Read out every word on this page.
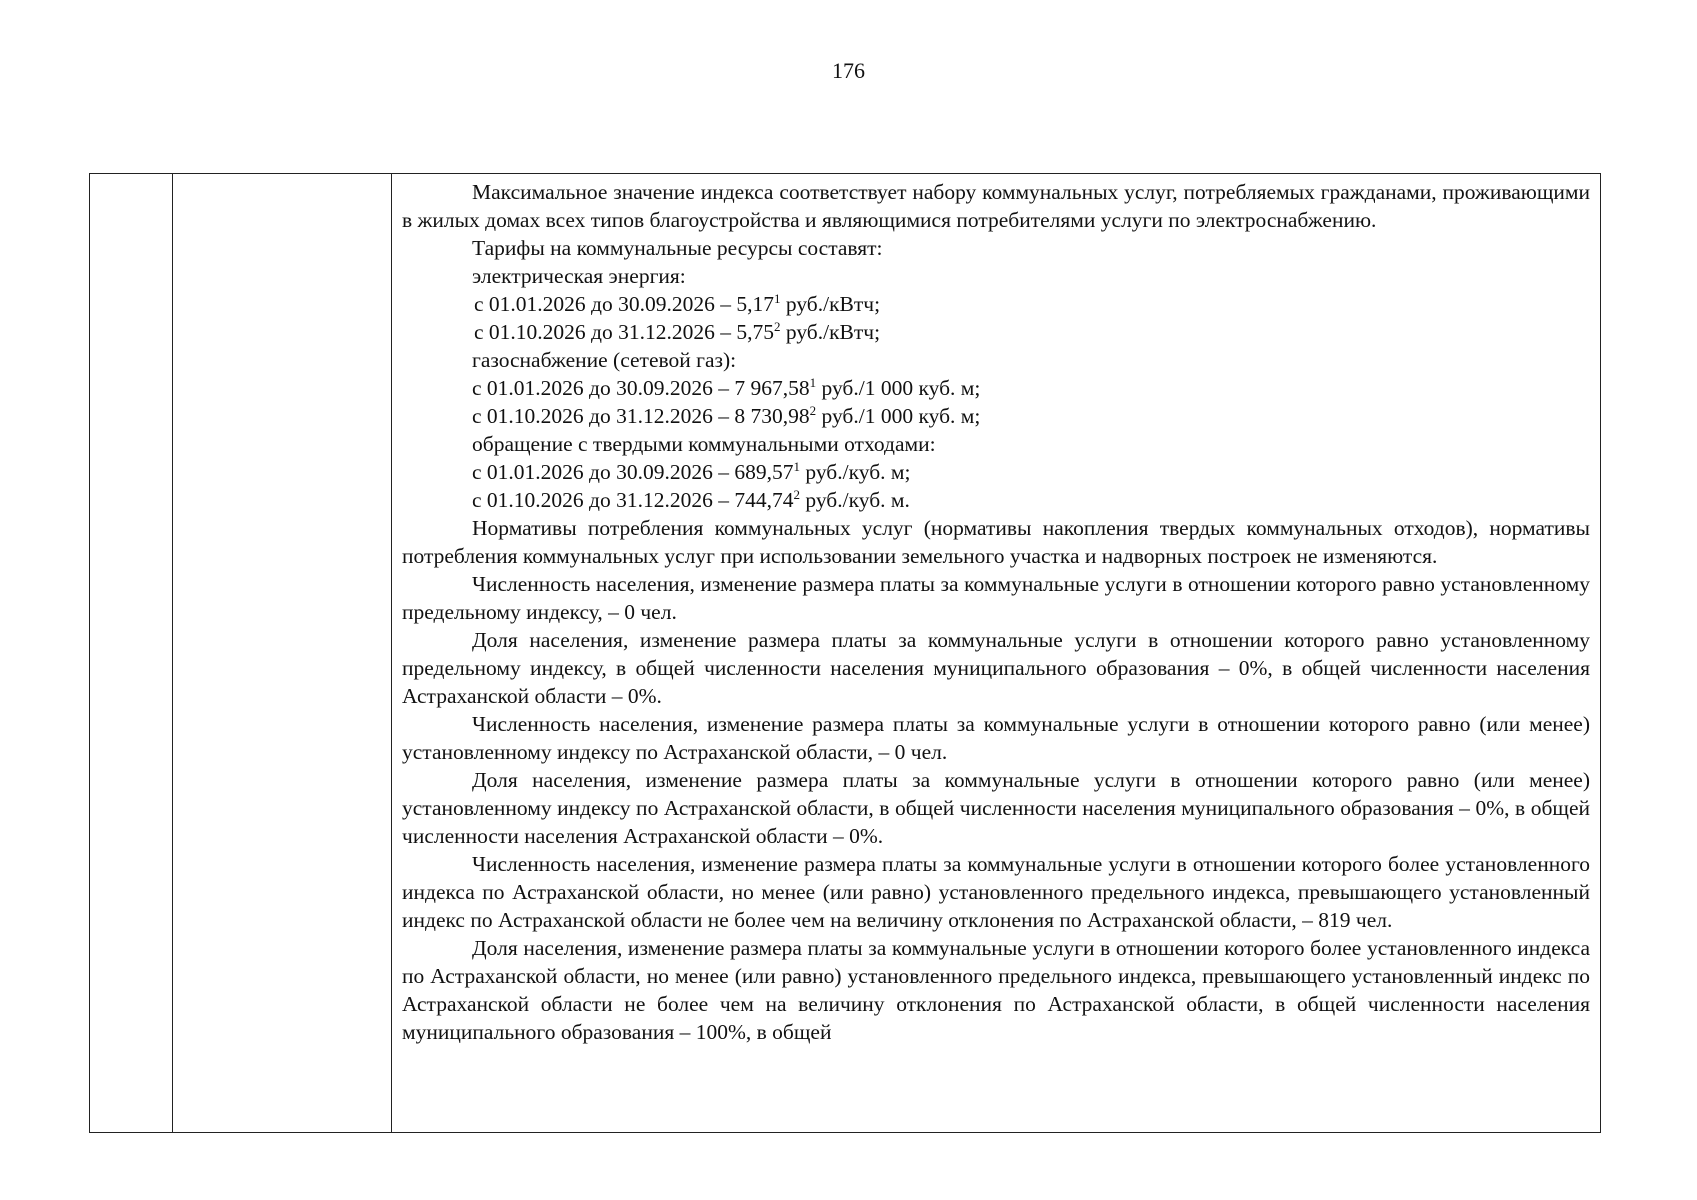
176

Максимальное значение индекса соответствует набору коммунальных услуг, потребляемых гражданами, проживающими в жилых домах всех типов благоустройства и являющимися потребителями услуги по электроснабжению.

Тарифы на коммунальные ресурсы составят:

электрическая энергия:

с 01.01.2026 до 30.09.2026 – 5,17$^1$ руб./кВтч;

с 01.10.2026 до 31.12.2026 – 5,75$^2$ руб./кВтч;

газоснабжение (сетевой газ):

с 01.01.2026 до 30.09.2026 – 7 967,58$^1$ руб./1 000 куб. м;

с 01.10.2026 до 31.12.2026 – 8 730,98$^2$ руб./1 000 куб. м;

обращение с твердыми коммунальными отходами:

с 01.01.2026 до 30.09.2026 – 689,57$^1$ руб./куб. м;

с 01.10.2026 до 31.12.2026 – 744,74$^2$ руб./куб. м.

Нормативы потребления коммунальных услуг (нормативы накопления твердых коммунальных отходов), нормативы потребления коммунальных услуг при использовании земельного участка и надворных построек не изменяются.

Численность населения, изменение размера платы за коммунальные услуги в отношении которого равно установленному предельному индексу, – 0 чел.

Доля населения, изменение размера платы за коммунальные услуги в отношении которого равно установленному предельному индексу, в общей численности населения муниципального образования – 0%, в общей численности населения Астраханской области – 0%.

Численность населения, изменение размера платы за коммунальные услуги в отношении которого равно (или менее) установленному индексу по Астраханской области, – 0 чел.

Доля населения, изменение размера платы за коммунальные услуги в отношении которого равно (или менее) установленному индексу по Астраханской области, в общей численности населения муниципального образования – 0%, в общей численности населения Астраханской области – 0%.

Численность населения, изменение размера платы за коммунальные услуги в отношении которого более установленного индекса по Астраханской области, но менее (или равно) установленного предельного индекса, превышающего установленный индекс по Астраханской области не более чем на величину отклонения по Астраханской области, – 819 чел.

Доля населения, изменение размера платы за коммунальные услуги в отношении которого более установленного индекса по Астраханской области, но менее (или равно) установленного предельного индекса, превышающего установленный индекс по Астраханской области не более чем на величину отклонения по Астраханской области, в общей численности населения муниципального образования – 100%, в общей
